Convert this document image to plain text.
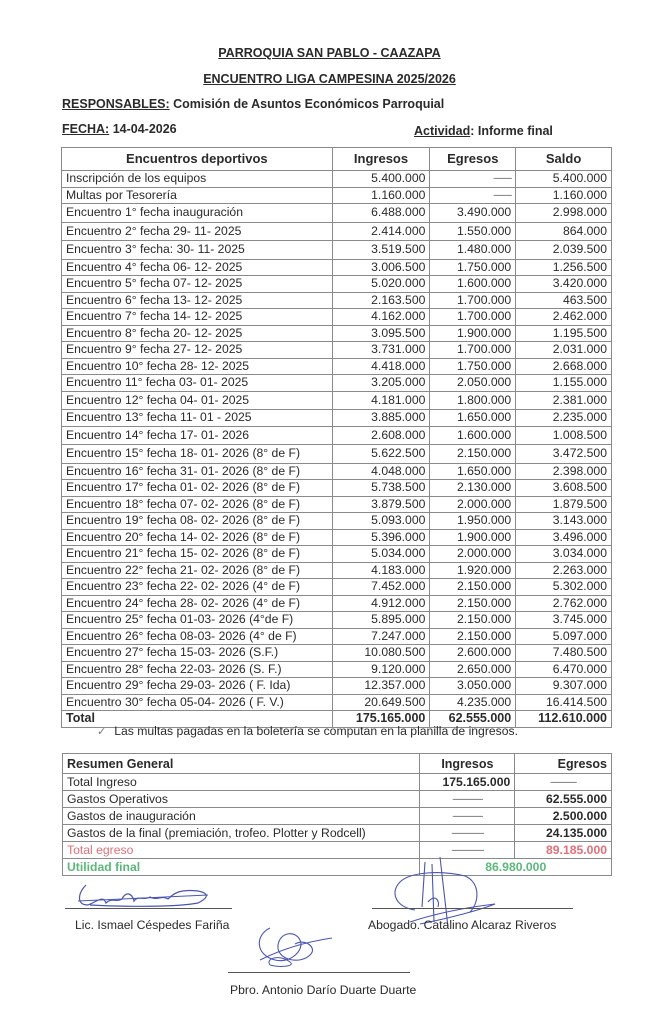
PARROQUIA SAN PABLO - CAAZAPA
ENCUENTRO LIGA CAMPESINA 2025/2026
RESPONSABLES: Comisión de Asuntos Económicos Parroquial
FECHA: 14-04-2026	Actividad: Informe final
Encuentros deportivos	Ingresos	Egresos	Saldo
Inscripción de los equipos	5.400.000	---------	5.400.000
Multas por Tesorería	1.160.000	---------	1.160.000
Encuentro 1° fecha inauguración	6.488.000	3.490.000	2.998.000
Encuentro 2° fecha 29- 11- 2025	2.414.000	1.550.000	864.000
Encuentro 3° fecha: 30- 11- 2025	3.519.500	1.480.000	2.039.500
Encuentro 4° fecha 06- 12- 2025	3.006.500	1.750.000	1.256.500
Encuentro 5° fecha 07- 12- 2025	5.020.000	1.600.000	3.420.000
Encuentro 6° fecha 13- 12- 2025	2.163.500	1.700.000	463.500
Encuentro 7° fecha 14- 12- 2025	4.162.000	1.700.000	2.462.000
Encuentro 8° fecha 20- 12- 2025	3.095.500	1.900.000	1.195.500
Encuentro 9° fecha 27- 12- 2025	3.731.000	1.700.000	2.031.000
Encuentro 10° fecha 28- 12- 2025	4.418.000	1.750.000	2.668.000
Encuentro 11° fecha 03- 01- 2025	3.205.000	2.050.000	1.155.000
Encuentro 12° fecha 04- 01- 2025	4.181.000	1.800.000	2.381.000
Encuentro 13° fecha 11- 01 - 2025	3.885.000	1.650.000	2.235.000
Encuentro 14° fecha 17- 01- 2026	2.608.000	1.600.000	1.008.500
Encuentro 15° fecha 18- 01- 2026 (8° de F)	5.622.500	2.150.000	3.472.500
Encuentro 16° fecha 31- 01- 2026 (8° de F)	4.048.000	1.650.000	2.398.000
Encuentro 17° fecha 01- 02- 2026 (8° de F)	5.738.500	2.130.000	3.608.500
Encuentro 18° fecha 07- 02- 2026 (8° de F)	3.879.500	2.000.000	1.879.500
Encuentro 19° fecha 08- 02- 2026 (8° de F)	5.093.000	1.950.000	3.143.000
Encuentro 20° fecha 14- 02- 2026 (8° de F)	5.396.000	1.900.000	3.496.000
Encuentro 21° fecha 15- 02- 2026 (8° de F)	5.034.000	2.000.000	3.034.000
Encuentro 22° fecha 21- 02- 2026 (8° de F)	4.183.000	1.920.000	2.263.000
Encuentro 23° fecha 22- 02- 2026 (4° de F)	7.452.000	2.150.000	5.302.000
Encuentro 24° fecha 28- 02- 2026 (4° de F)	4.912.000	2.150.000	2.762.000
Encuentro 25° fecha 01-03- 2026 (4°de F)	5.895.000	2.150.000	3.745.000
Encuentro 26° fecha 08-03- 2026 (4° de F)	7.247.000	2.150.000	5.097.000
Encuentro 27° fecha 15-03- 2026 (S.F.)	10.080.500	2.600.000	7.480.500
Encuentro 28° fecha 22-03- 2026 (S. F.)	9.120.000	2.650.000	6.470.000
Encuentro 29° fecha 29-03- 2026 ( F. Ida)	12.357.000	3.050.000	9.307.000
Encuentro 30° fecha 05-04- 2026 ( F. V.)	20.649.500	4.235.000	16.414.500
Total	175.165.000	62.555.000	112.610.000
✓ Las multas pagadas en la boletería se computan en la planilla de ingresos.
Resumen General	Ingresos	Egresos
Total Ingreso	175.165.000	-------------
Gastos Operativos	---------------	62.555.000
Gastos de inauguración	---------------	2.500.000
Gastos de la final (premiación, trofeo. Plotter y Rodcell)	----------------	24.135.000
Total egreso	----------------	89.185.000
Utilidad final	86.980.000	
Lic. Ismael Céspedes Fariña	Abogado. Catalino Alcaraz Riveros
Pbro. Antonio Darío Duarte Duarte
